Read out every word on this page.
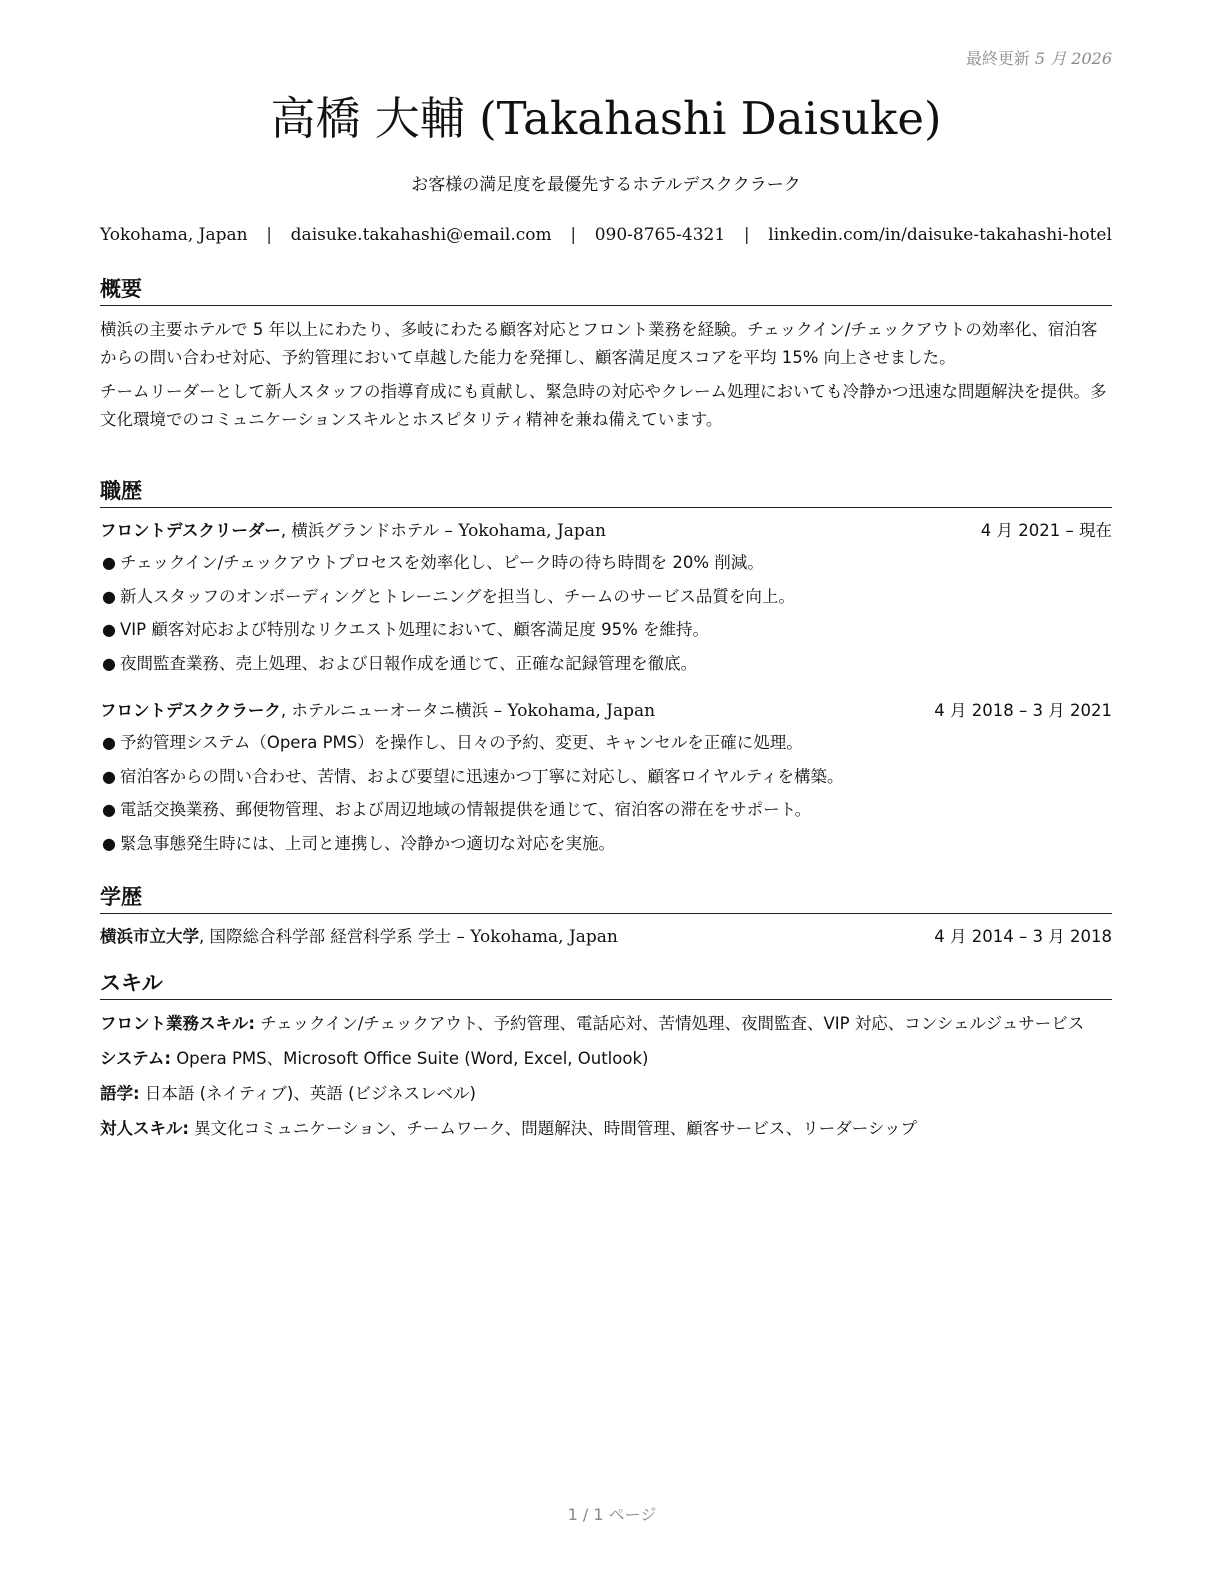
最終更新 5 月 2026
高橋 大輔 (Takahashi Daisuke)
お客様の満足度を最優先するホテルデスククラーク
Yokohama, Japan | daisuke.takahashi@email.com | 090-8765-4321 | linkedin.com/in/daisuke-takahashi-hotel
概要

横浜の主要ホテルで 5 年以上にわたり、多岐にわたる顧客対応とフロント業務を経験。チェックイン/チェックアウトの効率化、宿泊客からの問い合わせ対応、予約管理において卓越した能力を発揮し、顧客満足度スコアを平均 15% 向上させました。

チームリーダーとして新人スタッフの指導育成にも貢献し、緊急時の対応やクレーム処理においても冷静かつ迅速な問題解決を提供。多文化環境でのコミュニケーションスキルとホスピタリティ精神を兼ね備えています。

職歴
フロントデスクリーダー, 横浜グランドホテル – Yokohama, Japan	4 月 2021 – 現在
● チェックイン/チェックアウトプロセスを効率化し、ピーク時の待ち時間を 20% 削減。
● 新人スタッフのオンボーディングとトレーニングを担当し、チームのサービス品質を向上。
● VIP 顧客対応および特別なリクエスト処理において、顧客満足度 95% を維持。
● 夜間監査業務、売上処理、および日報作成を通じて、正確な記録管理を徹底。
フロントデスククラーク, ホテルニューオータニ横浜 – Yokohama, Japan	4 月 2018 – 3 月 2021
● 予約管理システム（Opera PMS）を操作し、日々の予約、変更、キャンセルを正確に処理。
● 宿泊客からの問い合わせ、苦情、および要望に迅速かつ丁寧に対応し、顧客ロイヤルティを構築。
● 電話交換業務、郵便物管理、および周辺地域の情報提供を通じて、宿泊客の滞在をサポート。
● 緊急事態発生時には、上司と連携し、冷静かつ適切な対応を実施。
学歴
横浜市立大学, 国際総合科学部 経営科学系 学士 – Yokohama, Japan	4 月 2014 – 3 月 2018
スキル

フロント業務スキル: チェックイン/チェックアウト、予約管理、電話応対、苦情処理、夜間監査、VIP 対応、コンシェルジュサービス

システム: Opera PMS、Microsoft Office Suite (Word, Excel, Outlook)

語学: 日本語 (ネイティブ)、英語 (ビジネスレベル)

対人スキル: 異文化コミュニケーション、チームワーク、問題解決、時間管理、顧客サービス、リーダーシップ

1 / 1 ページ
